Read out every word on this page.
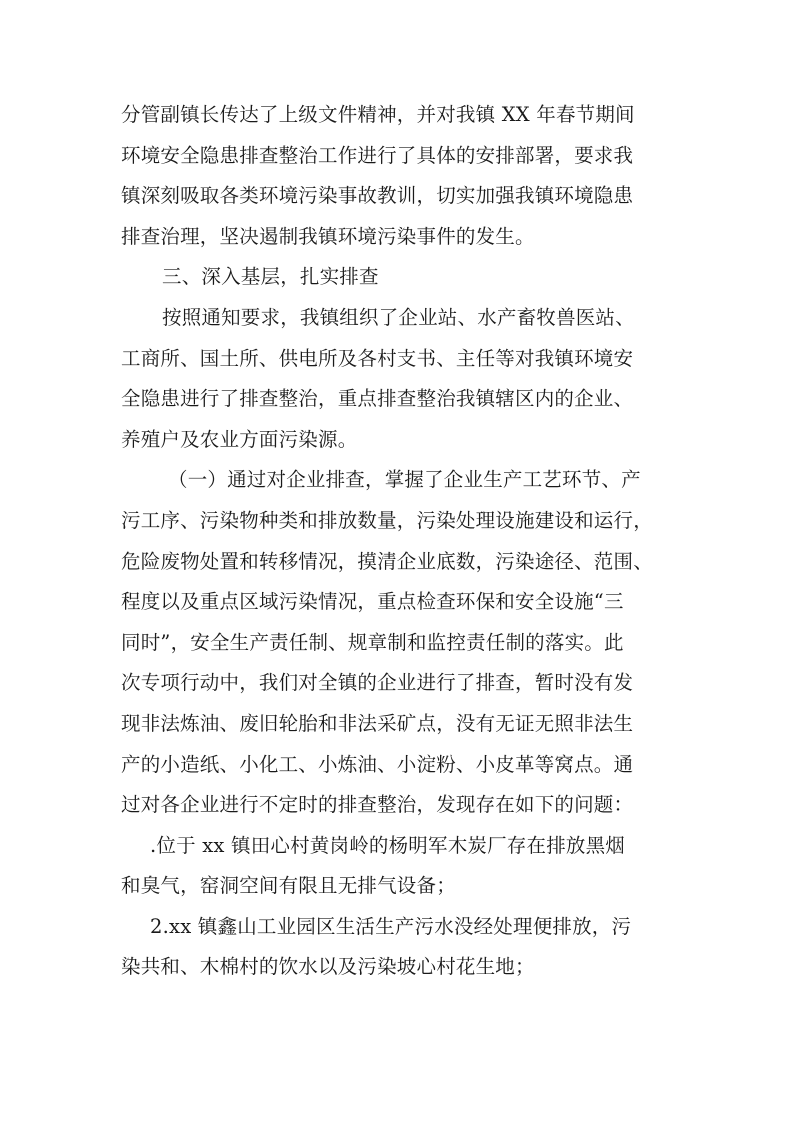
分管副镇长传达了上级文件精神，并对我镇 XX 年春节期间
环境安全隐患排查整治工作进行了具体的安排部署，要求我
镇深刻吸取各类环境污染事故教训，切实加强我镇环境隐患
排查治理，坚决遏制我镇环境污染事件的发生。
三、深入基层，扎实排查
按照通知要求，我镇组织了企业站、水产畜牧兽医站、
工商所、国土所、供电所及各村支书、主任等对我镇环境安
全隐患进行了排查整治，重点排查整治我镇辖区内的企业、
养殖户及农业方面污染源。
（一）通过对企业排查，掌握了企业生产工艺环节、产
污工序、污染物种类和排放数量，污染处理设施建设和运行，
危险废物处置和转移情况，摸清企业底数，污染途径、范围、
程度以及重点区域污染情况，重点检查环保和安全设施“三
同时”，安全生产责任制、规章制和监控责任制的落实。此
次专项行动中，我们对全镇的企业进行了排查，暂时没有发
现非法炼油、废旧轮胎和非法采矿点，没有无证无照非法生
产的小造纸、小化工、小炼油、小淀粉、小皮革等窝点。通
过对各企业进行不定时的排查整治，发现存在如下的问题：
.位于 xx 镇田心村黄岗岭的杨明军木炭厂存在排放黑烟
和臭气，窑洞空间有限且无排气设备；
2.xx 镇鑫山工业园区生活生产污水没经处理便排放，污
染共和、木棉村的饮水以及污染坡心村花生地；
